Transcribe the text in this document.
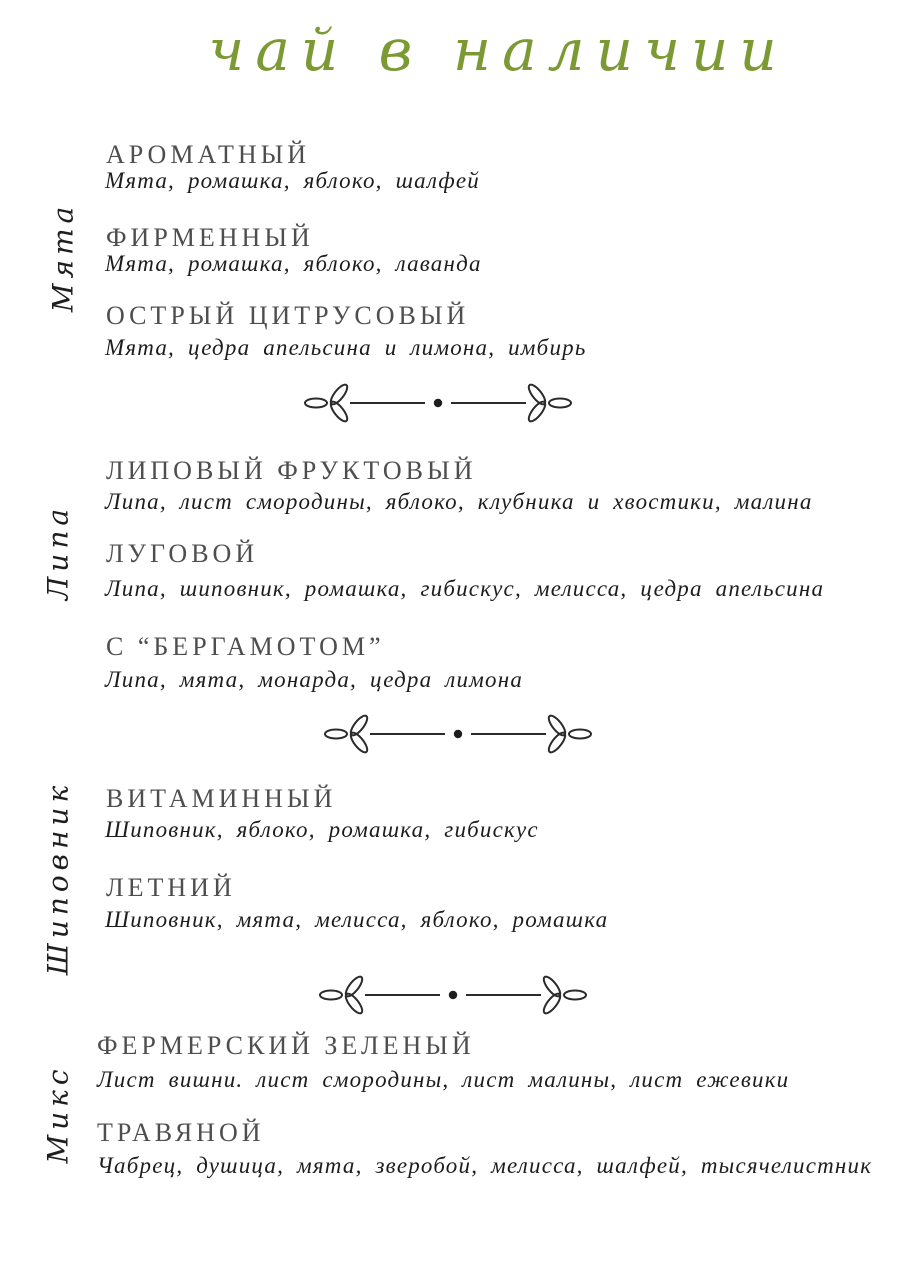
чай в наличии
Мята
АРОМАТНЫЙ
Мята, ромашка, яблоко, шалфей
ФИРМЕННЫЙ
Мята, ромашка, яблоко, лаванда
ОСТРЫЙ ЦИТРУСОВЫЙ
Мята, цедра апельсина и лимона, имбирь
Липа
ЛИПОВЫЙ ФРУКТОВЫЙ
Липа, лист смородины, яблоко, клубника и хвостики, малина
ЛУГОВОЙ
Липа, шиповник, ромашка, гибискус, мелисса, цедра апельсина
С “БЕРГАМОТОМ”
Липа, мята, монарда, цедра лимона
Шиповник ВИТАМИННЫЙ
Шиповник, яблоко, ромашка, гибискус
ЛЕТНИЙ
Шиповник, мята, мелисса, яблоко, ромашка
Микс
ФЕРМЕРСКИЙ ЗЕЛЕНЫЙ
Лист вишни. лист смородины, лист малины, лист ежевики
ТРАВЯНОЙ
Чабрец, душица, мята, зверобой, мелисса, шалфей, тысячелистник
